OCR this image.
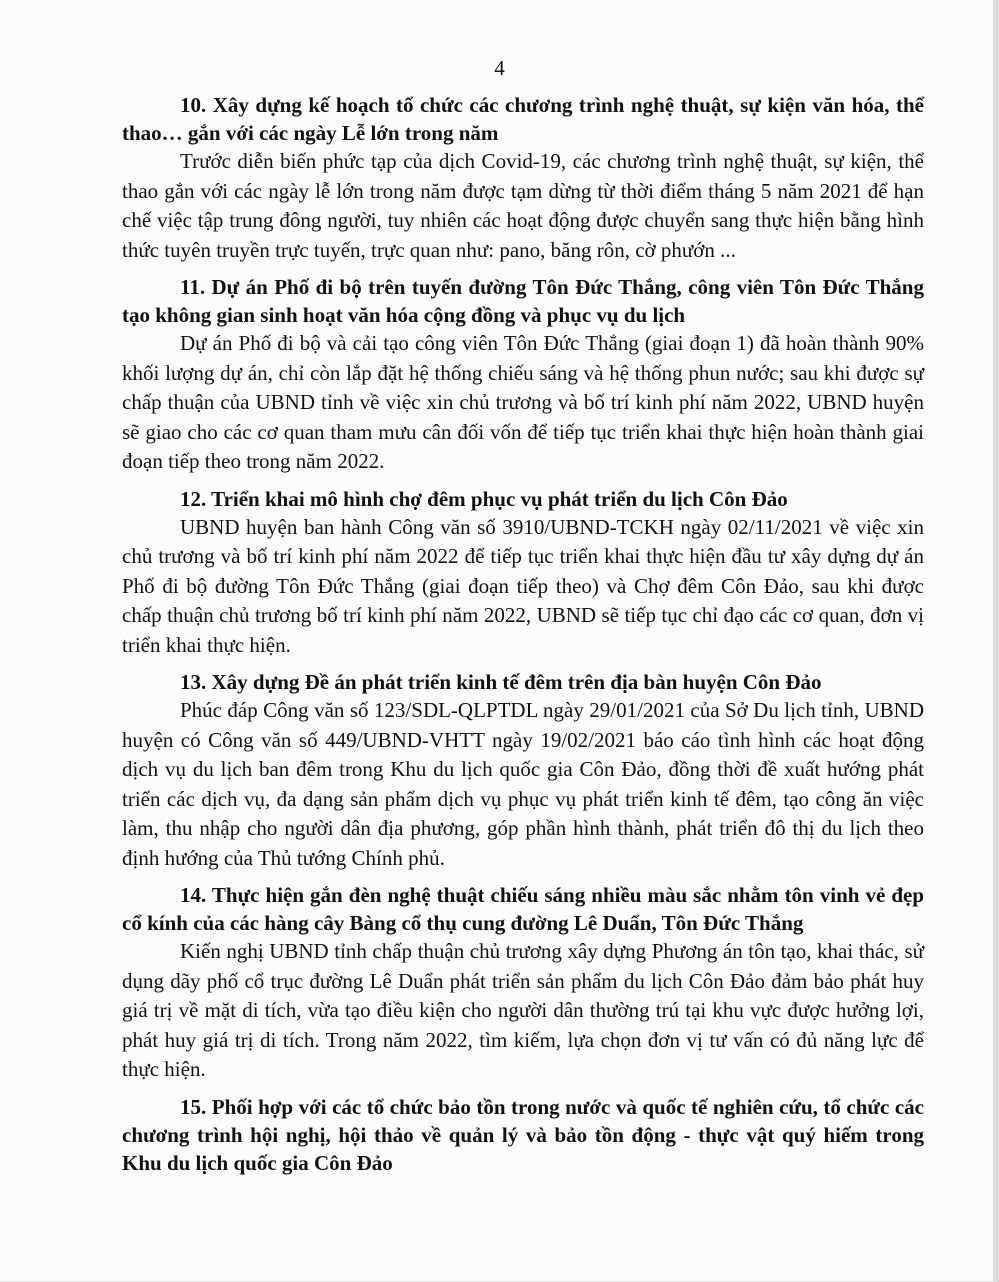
4

10. Xây dựng kế hoạch tổ chức các chương trình nghệ thuật, sự kiện văn hóa, thể thao… gắn với các ngày Lễ lớn trong năm

Trước diễn biến phức tạp của dịch Covid-19, các chương trình nghệ thuật, sự kiện, thể thao gắn với các ngày lễ lớn trong năm được tạm dừng từ thời điểm tháng 5 năm 2021 để hạn chế việc tập trung đông người, tuy nhiên các hoạt động được chuyển sang thực hiện bằng hình thức tuyên truyền trực tuyến, trực quan như: pano, băng rôn, cờ phướn ...

11. Dự án Phố đi bộ trên tuyến đường Tôn Đức Thắng, công viên Tôn Đức Thắng tạo không gian sinh hoạt văn hóa cộng đồng và phục vụ du lịch

Dự án Phố đi bộ và cải tạo công viên Tôn Đức Thắng (giai đoạn 1) đã hoàn thành 90% khối lượng dự án, chỉ còn lắp đặt hệ thống chiếu sáng và hệ thống phun nước; sau khi được sự chấp thuận của UBND tỉnh về việc xin chủ trương và bố trí kinh phí năm 2022, UBND huyện sẽ giao cho các cơ quan tham mưu cân đối vốn để tiếp tục triển khai thực hiện hoàn thành giai đoạn tiếp theo trong năm 2022.

12. Triển khai mô hình chợ đêm phục vụ phát triển du lịch Côn Đảo

UBND huyện ban hành Công văn số 3910/UBND-TCKH ngày 02/11/2021 về việc xin chủ trương và bố trí kinh phí năm 2022 để tiếp tục triển khai thực hiện đầu tư xây dựng dự án Phố đi bộ đường Tôn Đức Thắng (giai đoạn tiếp theo) và Chợ đêm Côn Đảo, sau khi được chấp thuận chủ trương bố trí kinh phí năm 2022, UBND sẽ tiếp tục chỉ đạo các cơ quan, đơn vị triển khai thực hiện.

13. Xây dựng Đề án phát triển kinh tế đêm trên địa bàn huyện Côn Đảo

Phúc đáp Công văn số 123/SDL-QLPTDL ngày 29/01/2021 của Sở Du lịch tỉnh, UBND huyện có Công văn số 449/UBND-VHTT ngày 19/02/2021 báo cáo tình hình các hoạt động dịch vụ du lịch ban đêm trong Khu du lịch quốc gia Côn Đảo, đồng thời đề xuất hướng phát triển các dịch vụ, đa dạng sản phẩm dịch vụ phục vụ phát triển kinh tế đêm, tạo công ăn việc làm, thu nhập cho người dân địa phương, góp phần hình thành, phát triển đô thị du lịch theo định hướng của Thủ tướng Chính phủ.

14. Thực hiện gắn đèn nghệ thuật chiếu sáng nhiều màu sắc nhằm tôn vinh vẻ đẹp cổ kính của các hàng cây Bàng cổ thụ cung đường Lê Duẩn, Tôn Đức Thắng

Kiến nghị UBND tỉnh chấp thuận chủ trương xây dựng Phương án tôn tạo, khai thác, sử dụng dãy phố cổ trục đường Lê Duẩn phát triển sản phẩm du lịch Côn Đảo đảm bảo phát huy giá trị về mặt di tích, vừa tạo điều kiện cho người dân thường trú tại khu vực được hưởng lợi, phát huy giá trị di tích. Trong năm 2022, tìm kiếm, lựa chọn đơn vị tư vấn có đủ năng lực để thực hiện.

15. Phối hợp với các tổ chức bảo tồn trong nước và quốc tế nghiên cứu, tổ chức các chương trình hội nghị, hội thảo về quản lý và bảo tồn động - thực vật quý hiếm trong Khu du lịch quốc gia Côn Đảo
